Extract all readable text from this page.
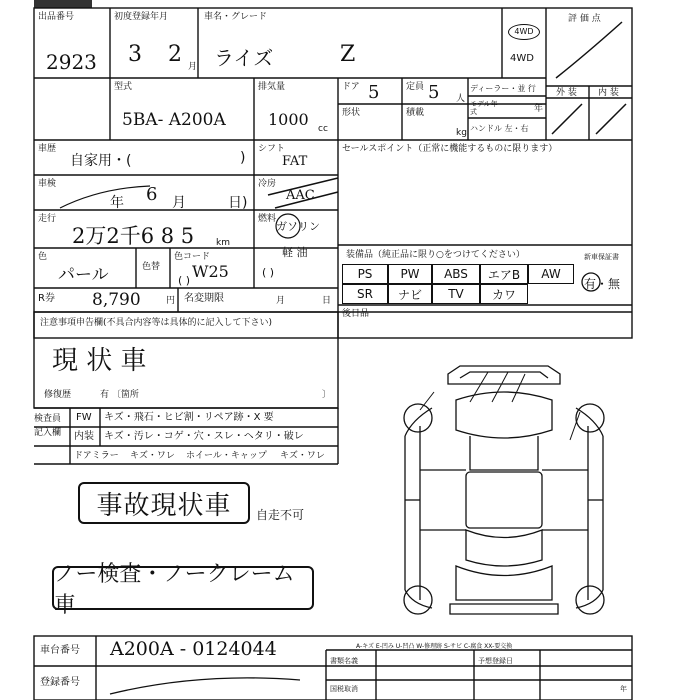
出品番号
2923
初度登録年月
3 2 月
車名・グレード
ライズ	Z
4WD
4WD
評 価 点
型式
5BA- A200A
排気量
1000 cc
ドア 5	定員 5 人
ディーラー・並 行
形状	積載
kg
モデル年式	年
ハンドル 左・右
外 装 内 装
車歴
自家用・(	)
シフト
FAT
セールスポイント（正常に機能するものに限ります）
車検
年 6 月	日)
冷房
AAC
走行
2万2千6 8 5 km
燃料
ガソリン
軽 油
( )
色
パール	色替
色コード
W25
( )
装備品（純正品に限り○をつけてください）	新車保証書
PS	PW	ABS	エアB	AW
SR	ナビ	TV	カワ
有・無
R券 8,790	円 名変期限	月	日
後日品
注意事項申告欄(不具合内容等は具体的に記入して下さい)
現 状 車
修復歴	有 〔箇所	〕
検査員 記入欄
FW キズ・飛石・ヒビ割・リペア跡・X 要
内装 キズ・汚レ・コゲ・穴・スレ・ヘタリ・破レ
ドアミラー キズ・ワレ ホイール・キャップ キズ・ワレ
事故現状車	自走不可
ノー検査・ノークレーム車
A-キズ E-凹み U-凹凸 W-修理跡 S-サビ C-腐食 XX-要交換
車台番号 A200A - 0124044
登録番号
書類名義
国税取消
予想登録日
年
